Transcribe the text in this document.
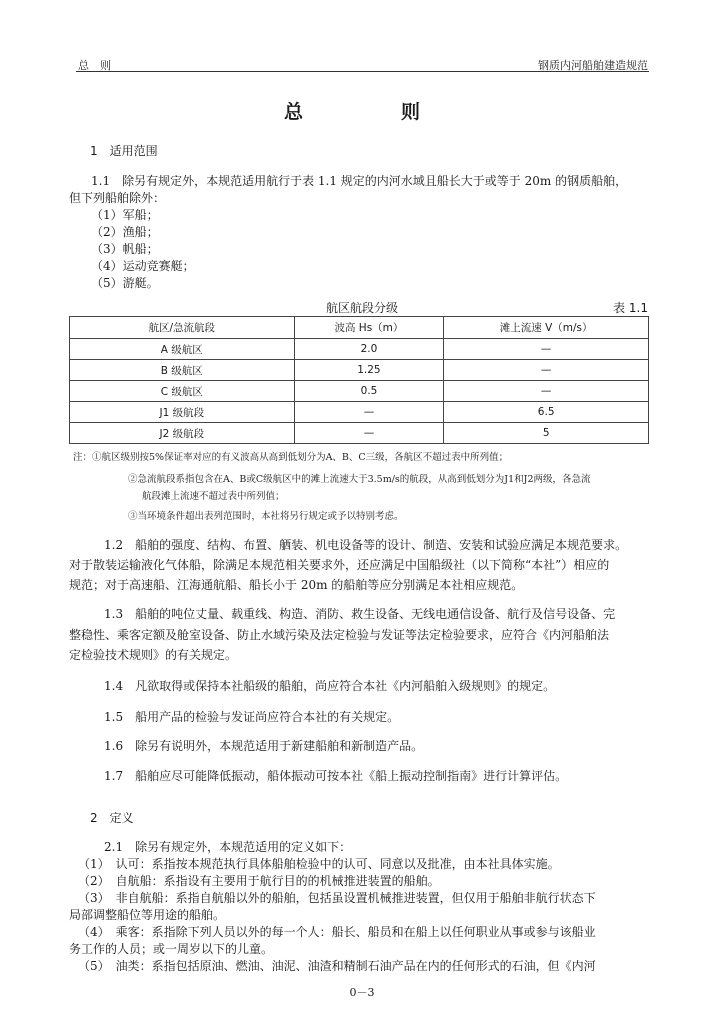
总　则	钢质内河船舶建造规范
总　　则
1　适用范围
1.1　除另有规定外，本规范适用航行于表 1.1 规定的内河水域且船长大于或等于 20m 的钢质船舶，
但下列船舶除外：
（1）军船；
（2）渔船；
（3）帆船；
（4）运动竞赛艇；
（5）游艇。
航区航段分级	表 1.1
航区/急流航段	波高 Hs（m）	滩上流速 V（m/s）
A 级航区	2.0	—
B 级航区	1.25	—
C 级航区	0.5	—
J1 级航段	—	6.5
J2 级航段	—	5
注：①航区级别按5%保证率对应的有义波高从高到低划分为A、B、C三级，各航区不超过表中所列值；
②急流航段系指包含在A、B或C级航区中的滩上流速大于3.5m/s的航段，从高到低划分为J1和J2两级，各急流
航段滩上流速不超过表中所列值；
③当环境条件超出表列范围时，本社将另行规定或予以特别考虑。
1.2　船舶的强度、结构、布置、舾装、机电设备等的设计、制造、安装和试验应满足本规范要求。
对于散装运输液化气体船，除满足本规范相关要求外，还应满足中国船级社（以下简称“本社”）相应的
规范；对于高速船、江海通航船、船长小于 20m 的船舶等应分别满足本社相应规范。
1.3　船舶的吨位丈量、载重线、构造、消防、救生设备、无线电通信设备、航行及信号设备、完
整稳性、乘客定额及舱室设备、防止水域污染及法定检验与发证等法定检验要求，应符合《内河船舶法
定检验技术规则》的有关规定。
1.4　凡欲取得或保持本社船级的船舶，尚应符合本社《内河船舶入级规则》的规定。
1.5　船用产品的检验与发证尚应符合本社的有关规定。
1.6　除另有说明外，本规范适用于新建船舶和新制造产品。
1.7　船舶应尽可能降低振动，船体振动可按本社《船上振动控制指南》进行计算评估。
2　定义
2.1　除另有规定外，本规范适用的定义如下：
（1）　认可：系指按本规范执行具体船舶检验中的认可、同意以及批准，由本社具体实施。
（2）　自航船：系指设有主要用于航行目的的机械推进装置的船舶。
（3）　非自航船：系指自航船以外的船舶，包括虽设置机械推进装置，但仅用于船舶非航行状态下
局部调整船位等用途的船舶。
（4）　乘客：系指除下列人员以外的每一个人：船长、船员和在船上以任何职业从事或参与该船业
务工作的人员；或一周岁以下的儿童。
（5）　油类：系指包括原油、燃油、油泥、油渣和精制石油产品在内的任何形式的石油，但《内河
0－3
